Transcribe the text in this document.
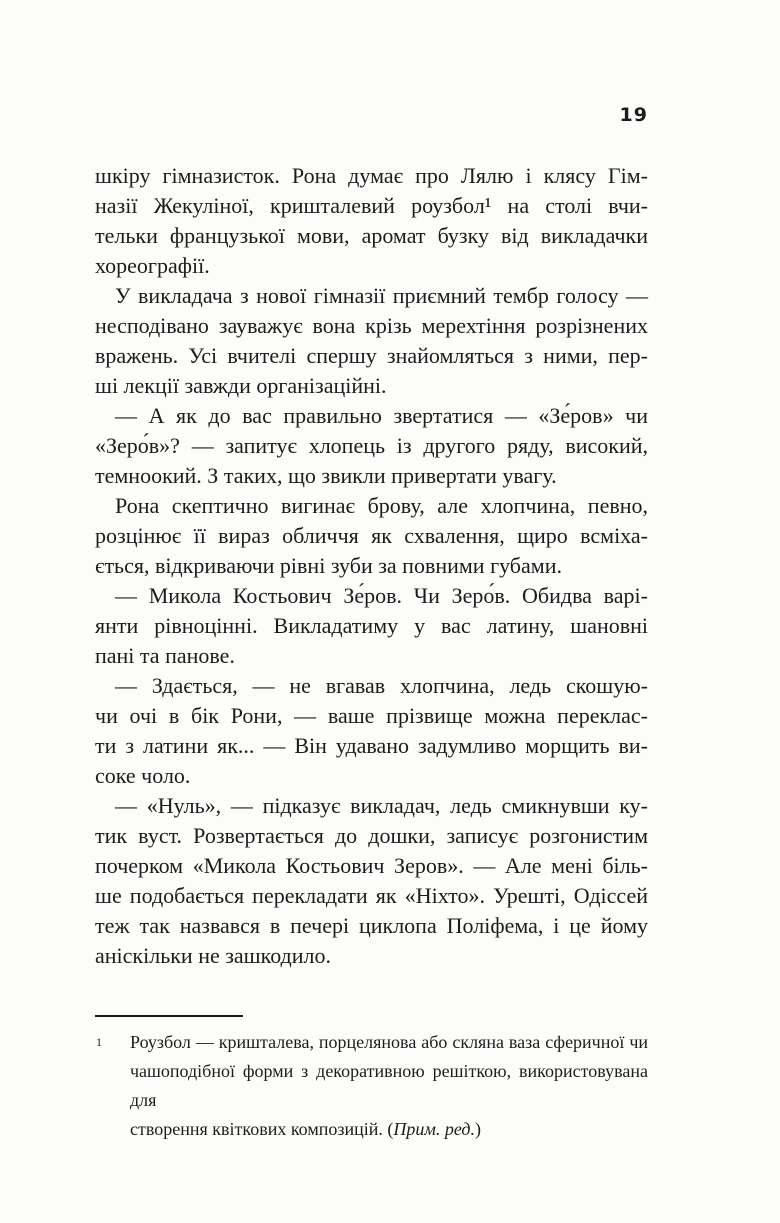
19
шкіру гімназисток. Рона думає про Лялю і клясу Гім-
назії Жекуліної, кришталевий роузбол¹ на столі вчи-
тельки французької мови, аромат бузку від викладачки
хореографії.
У викладача з нової гімназії приємний тембр голосу —
несподівано зауважує вона крізь мерехтіння розрізнених
вражень. Усі вчителі спершу знайомляться з ними, пер-
ші лекції завжди організаційні.
— А як до вас правильно звертатися — «Зе́ров» чи
«Зеро́в»? — запитує хлопець із другого ряду, високий,
темноокий. З таких, що звикли привертати увагу.
Рона скептично вигинає брову, але хлопчина, певно,
розцінює її вираз обличчя як схвалення, щиро всміха-
ється, відкриваючи рівні зуби за повними губами.
— Микола Костьович Зе́ров. Чи Зеро́в. Обидва варі-
янти рівноцінні. Викладатиму у вас латину, шановні
пані та панове.
— Здається, — не вгавав хлопчина, ледь скошую-
чи очі в бік Рони, — ваше прізвище можна переклас-
ти з латини як... — Він удавано задумливо морщить ви-
соке чоло.
— «Нуль», — підказує викладач, ледь смикнувши ку-
тик вуст. Розвертається до дошки, записує розгонистим
почерком «Микола Костьович Зеров». — Але мені біль-
ше подобається перекладати як «Ніхто». Урешті, Одіссей
теж так назвався в печері циклопа Поліфема, і це йому
аніскільки не зашкодило.
1 Роузбол — кришталева, порцелянова або скляна ваза сферичної чи
чашоподібної форми з декоративною решіткою, використовувана для
створення квіткових композицій. (Прим. ред.)
